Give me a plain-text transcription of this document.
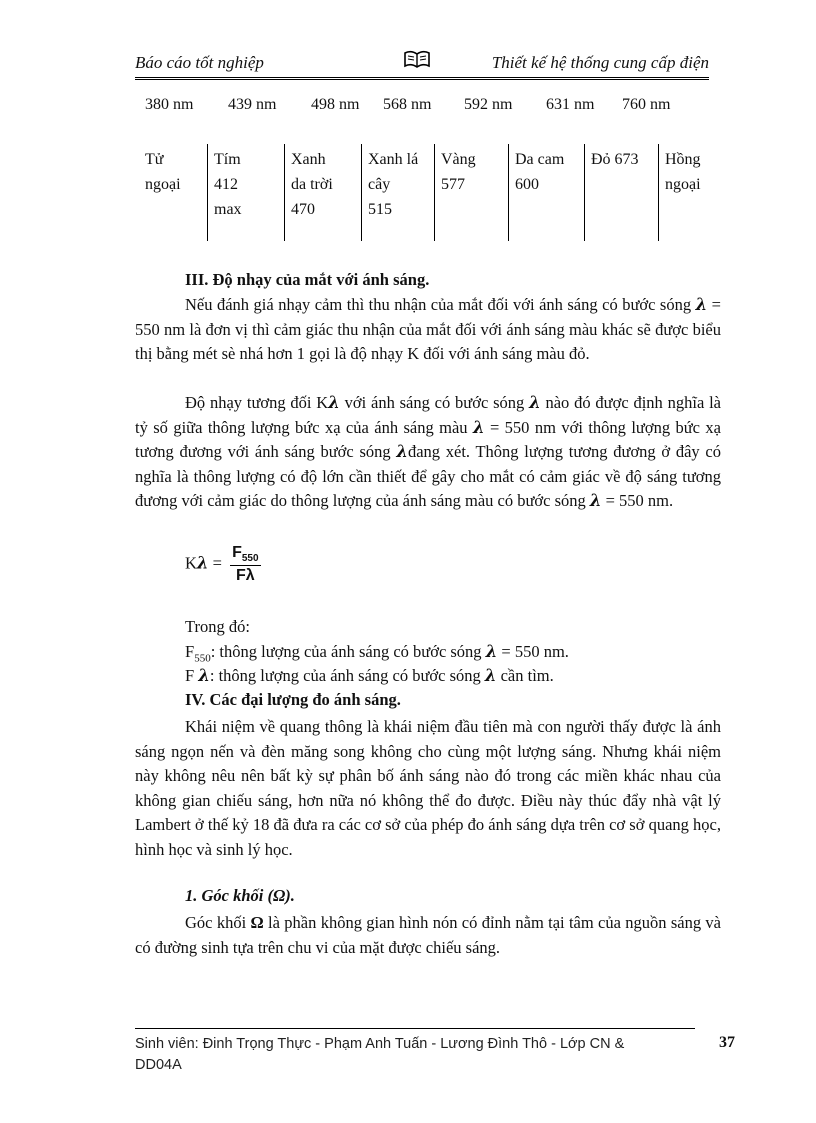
Báo cáo tốt nghiệp	Thiết kế hệ thống cung cấp điện
380 nm 439 nm 498 nm 568 nm 592 nm 631 nm 760 nm
Tử
ngoại	Tím
412
max	Xanh
da trời
470	Xanh lá
cây
515	Vàng
577	Da cam
600	Đỏ 673	Hồng
ngoại
III. Độ nhạy của mắt với ánh sáng.

Nếu đánh giá nhạy cảm thì thu nhận của mắt đối với ánh sáng có bước sóng λ = 550 nm là đơn vị thì cảm giác thu nhận của mắt đối với ánh sáng màu khác sẽ được biểu thị bằng mét sè nhá hơn 1 gọi là độ nhạy K đối với ánh sáng màu đỏ.

Độ nhạy tương đối Kλ với ánh sáng có bước sóng λ nào đó được định nghĩa là tỷ số giữa thông lượng bức xạ của ánh sáng màu λ = 550 nm với thông lượng bức xạ tương đương với ánh sáng bước sóng λđang xét. Thông lượng tương đương ở đây có nghĩa là thông lượng có độ lớn cần thiết để gây cho mắt có cảm giác về độ sáng tương đương với cảm giác do thông lượng của ánh sáng màu có bước sóng λ = 550 nm.

$K\lambda = \frac{F_{550}}{F\lambda}$
Trong đó:
$F_{550}$: thông lượng của ánh sáng có bước sóng λ = 550 nm.
F λ: thông lượng của ánh sáng có bước sóng λ cần tìm.
IV. Các đại lượng đo ánh sáng.

Khái niệm về quang thông là khái niệm đầu tiên mà con người thấy được là ánh sáng ngọn nến và đèn măng song không cho cùng một lượng sáng. Nhưng khái niệm này không nêu nên bất kỳ sự phân bố ánh sáng nào đó trong các miền khác nhau của không gian chiếu sáng, hơn nữa nó không thể đo được. Điều này thúc đẩy nhà vật lý Lambert ở thế kỷ 18 đã đưa ra các cơ sở của phép đo ánh sáng dựa trên cơ sở quang học, hình học và sinh lý học.

1. Góc khối (Ω).

Góc khối Ω là phần không gian hình nón có đỉnh nằm tại tâm của nguồn sáng và có đường sinh tựa trên chu vi của mặt được chiếu sáng.

Sinh viên: Đinh Trọng Thực - Phạm Anh Tuấn - Lương Đình Thô - Lớp CN & DD04A
37
